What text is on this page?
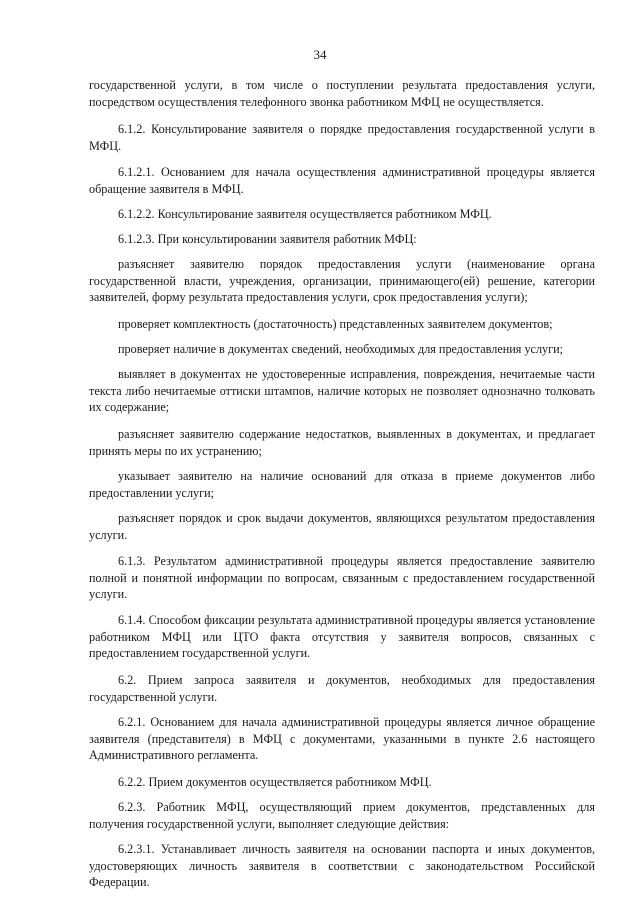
34

государственной услуги, в том числе о поступлении результата предоставления услуги, посредством осуществления телефонного звонка работником МФЦ не осуществляется.

6.1.2. Консультирование заявителя о порядке предоставления государственной услуги в МФЦ.

6.1.2.1. Основанием для начала осуществления административной процедуры является обращение заявителя в МФЦ.

6.1.2.2. Консультирование заявителя осуществляется работником МФЦ.

6.1.2.3. При консультировании заявителя работник МФЦ:

разъясняет заявителю порядок предоставления услуги (наименование органа государственной власти, учреждения, организации, принимающего(ей) решение, категории заявителей, форму результата предоставления услуги, срок предоставления услуги);

проверяет комплектность (достаточность) представленных заявителем документов;

проверяет наличие в документах сведений, необходимых для предоставления услуги;

выявляет в документах не удостоверенные исправления, повреждения, нечитаемые части текста либо нечитаемые оттиски штампов, наличие которых не позволяет однозначно толковать их содержание;

разъясняет заявителю содержание недостатков, выявленных в документах, и предлагает принять меры по их устранению;

указывает заявителю на наличие оснований для отказа в приеме документов либо предоставлении услуги;

разъясняет порядок и срок выдачи документов, являющихся результатом предоставления услуги.

6.1.3. Результатом административной процедуры является предоставление заявителю полной и понятной информации по вопросам, связанным с предоставлением государственной услуги.

6.1.4. Способом фиксации результата административной процедуры является установление работником МФЦ или ЦТО факта отсутствия у заявителя вопросов, связанных с предоставлением государственной услуги.

6.2. Прием запроса заявителя и документов, необходимых для предоставления государственной услуги.

6.2.1. Основанием для начала административной процедуры является личное обращение заявителя (представителя) в МФЦ с документами, указанными в пункте 2.6 настоящего Административного регламента.

6.2.2. Прием документов осуществляется работником МФЦ.

6.2.3. Работник МФЦ, осуществляющий прием документов, представленных для получения государственной услуги, выполняет следующие действия:

6.2.3.1. Устанавливает личность заявителя на основании паспорта и иных документов, удостоверяющих личность заявителя в соответствии с законодательством Российской Федерации.
